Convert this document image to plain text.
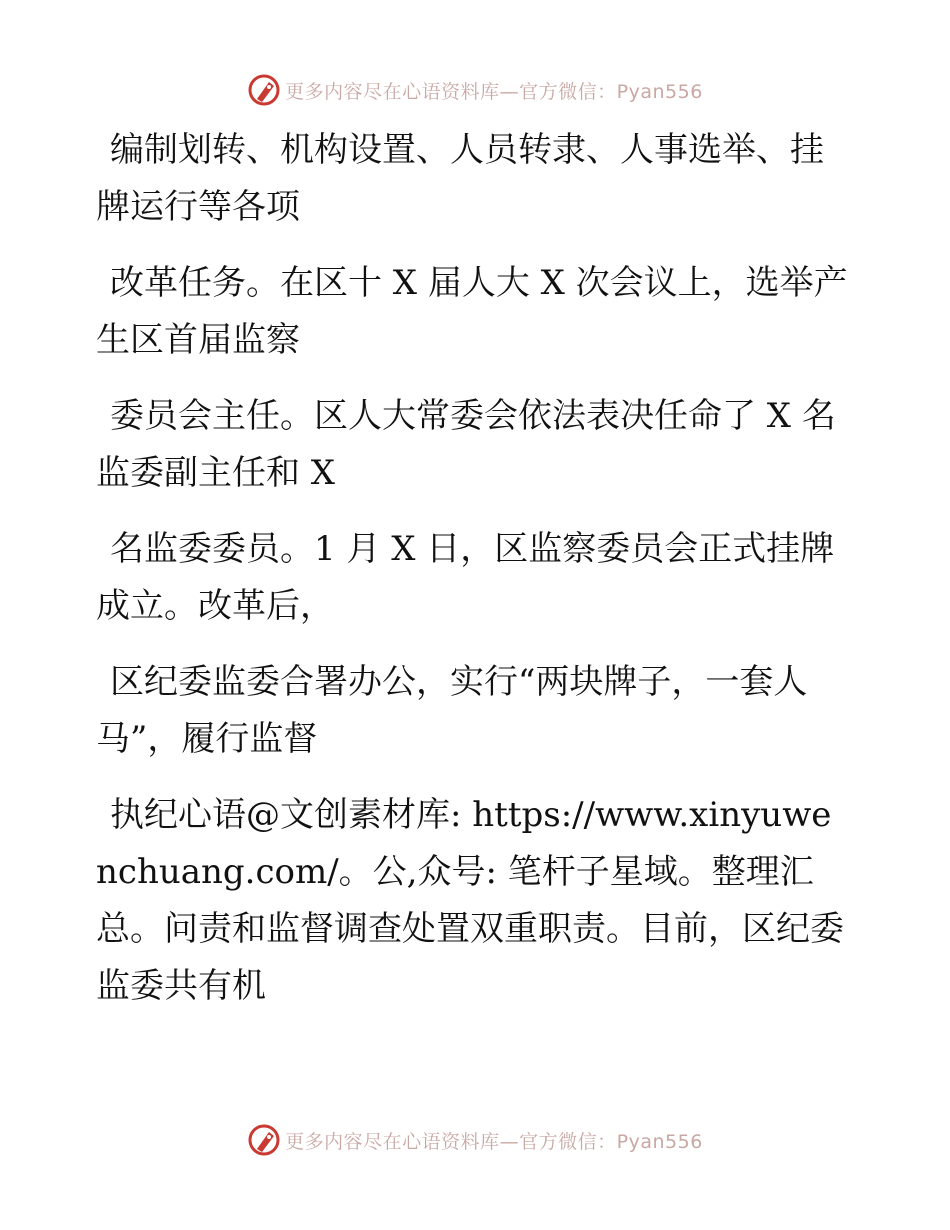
更多内容尽在心语资料库—官方微信：Pyan556

编制划转、机构设置、人员转隶、人事选举、挂牌运行等各项

改革任务。在区十 X 届人大 X 次会议上，选举产生区首届监察

委员会主任。区人大常委会依法表决任命了 X 名监委副主任和 X

名监委委员。1 月 X 日，区监察委员会正式挂牌成立。改革后，

区纪委监委合署办公，实行“两块牌子，一套人马”，履行监督

执纪心语@文创素材库: https://www.xinyuwenchuang.com/。公,众号: 笔杆子星域。整理汇总。问责和监督调查处置双重职责。目前，区纪委监委共有机

更多内容尽在心语资料库—官方微信：Pyan556
